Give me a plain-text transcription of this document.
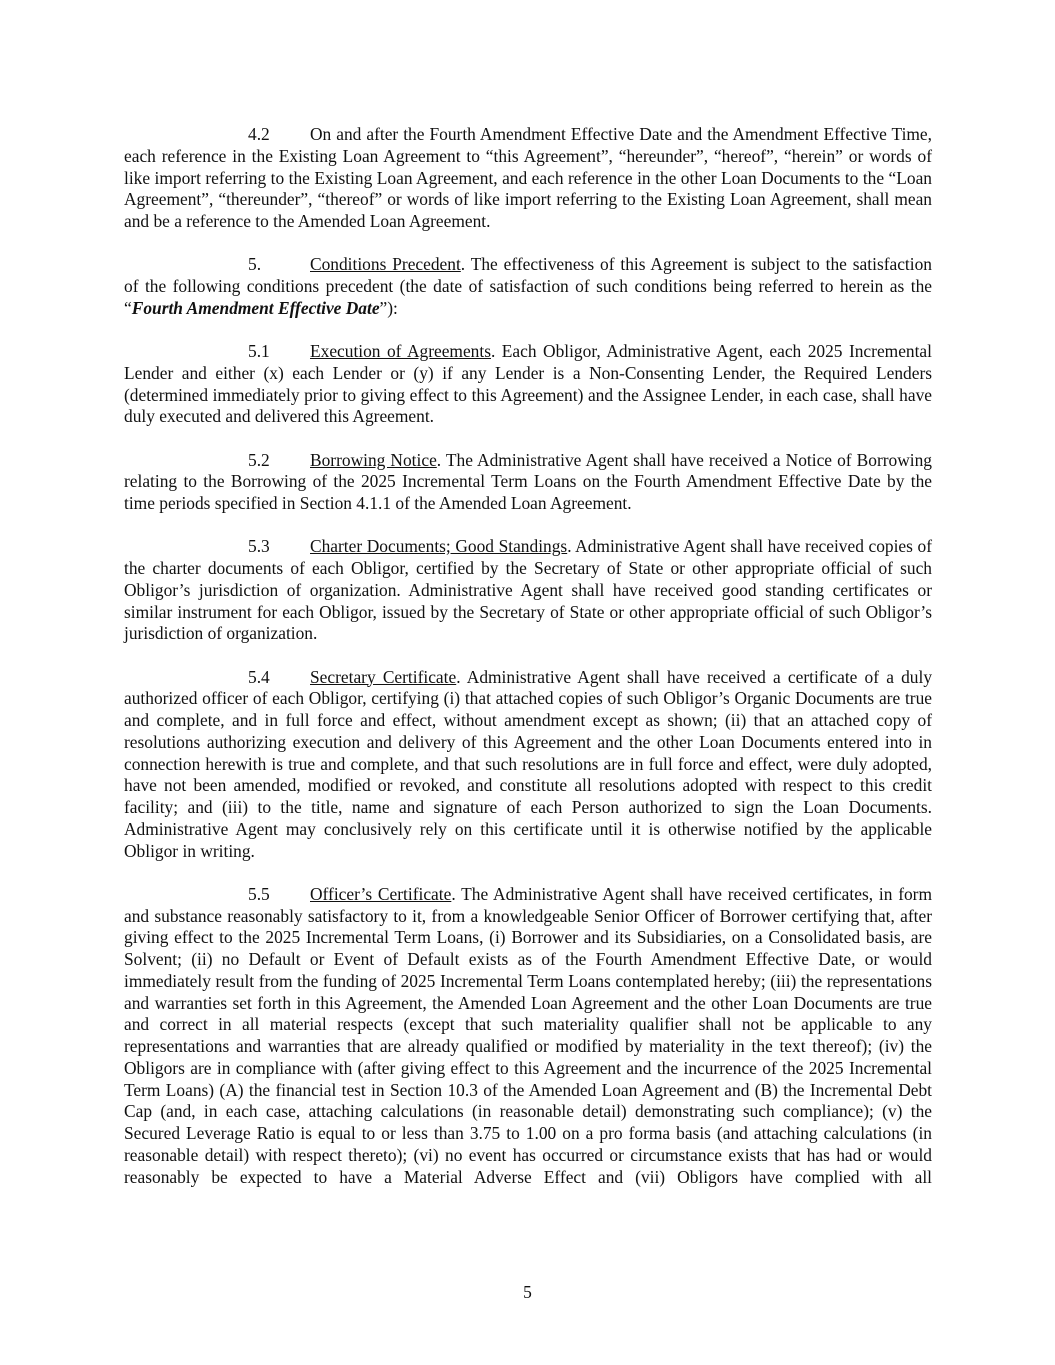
4.2 On and after the Fourth Amendment Effective Date and the Amendment Effective Time, each reference in the Existing Loan Agreement to “this Agreement”, “hereunder”, “hereof”, “herein” or words of like import referring to the Existing Loan Agreement, and each reference in the other Loan Documents to the “Loan Agreement”, “thereunder”, “thereof” or words of like import referring to the Existing Loan Agreement, shall mean and be a reference to the Amended Loan Agreement.

5.	Conditions Precedent. The effectiveness of this Agreement is subject to the satisfaction of the following conditions precedent (the date of satisfaction of such conditions being referred to herein as the “Fourth Amendment Effective Date”):

5.1 Execution of Agreements. Each Obligor, Administrative Agent, each 2025 Incremental Lender and either (x) each Lender or (y) if any Lender is a Non-Consenting Lender, the Required Lenders (determined immediately prior to giving effect to this Agreement) and the Assignee Lender, in each case, shall have duly executed and delivered this Agreement.

5.2 Borrowing Notice. The Administrative Agent shall have received a Notice of Borrowing relating to the Borrowing of the 2025 Incremental Term Loans on the Fourth Amendment Effective Date by the time periods specified in Section 4.1.1 of the Amended Loan Agreement.

5.3 Charter Documents; Good Standings. Administrative Agent shall have received copies of the charter documents of each Obligor, certified by the Secretary of State or other appropriate official of such Obligor’s jurisdiction of organization. Administrative Agent shall have received good standing certificates or similar instrument for each Obligor, issued by the Secretary of State or other appropriate official of such Obligor’s jurisdiction of organization.

5.4 Secretary Certificate. Administrative Agent shall have received a certificate of a duly authorized officer of each Obligor, certifying (i) that attached copies of such Obligor’s Organic Documents are true and complete, and in full force and effect, without amendment except as shown; (ii) that an attached copy of resolutions authorizing execution and delivery of this Agreement and the other Loan Documents entered into in connection herewith is true and complete, and that such resolutions are in full force and effect, were duly adopted, have not been amended, modified or revoked, and constitute all resolutions adopted with respect to this credit facility; and (iii) to the title, name and signature of each Person authorized to sign the Loan Documents. Administrative Agent may conclusively rely on this certificate until it is otherwise notified by the applicable Obligor in writing.

5.5 Officer’s Certificate. The Administrative Agent shall have received certificates, in form and substance reasonably satisfactory to it, from a knowledgeable Senior Officer of Borrower certifying that, after giving effect to the 2025 Incremental Term Loans, (i) Borrower and its Subsidiaries, on a Consolidated basis, are Solvent; (ii) no Default or Event of Default exists as of the Fourth Amendment Effective Date, or would immediately result from the funding of 2025 Incremental Term Loans contemplated hereby; (iii) the representations and warranties set forth in this Agreement, the Amended Loan Agreement and the other Loan Documents are true and correct in all material respects (except that such materiality qualifier shall not be applicable to any representations and warranties that are already qualified or modified by materiality in the text thereof); (iv) the Obligors are in compliance with (after giving effect to this Agreement and the incurrence of the 2025 Incremental Term Loans) (A) the financial test in Section 10.3 of the Amended Loan Agreement and (B) the Incremental Debt Cap (and, in each case, attaching calculations (in reasonable detail) demonstrating such compliance); (v) the Secured Leverage Ratio is equal to or less than 3.75 to 1.00 on a pro forma basis (and attaching calculations (in reasonable detail) with respect thereto); (vi) no event has occurred or circumstance exists that has had or would reasonably be expected to have a Material Adverse Effect and (vii) Obligors have complied with all

5
